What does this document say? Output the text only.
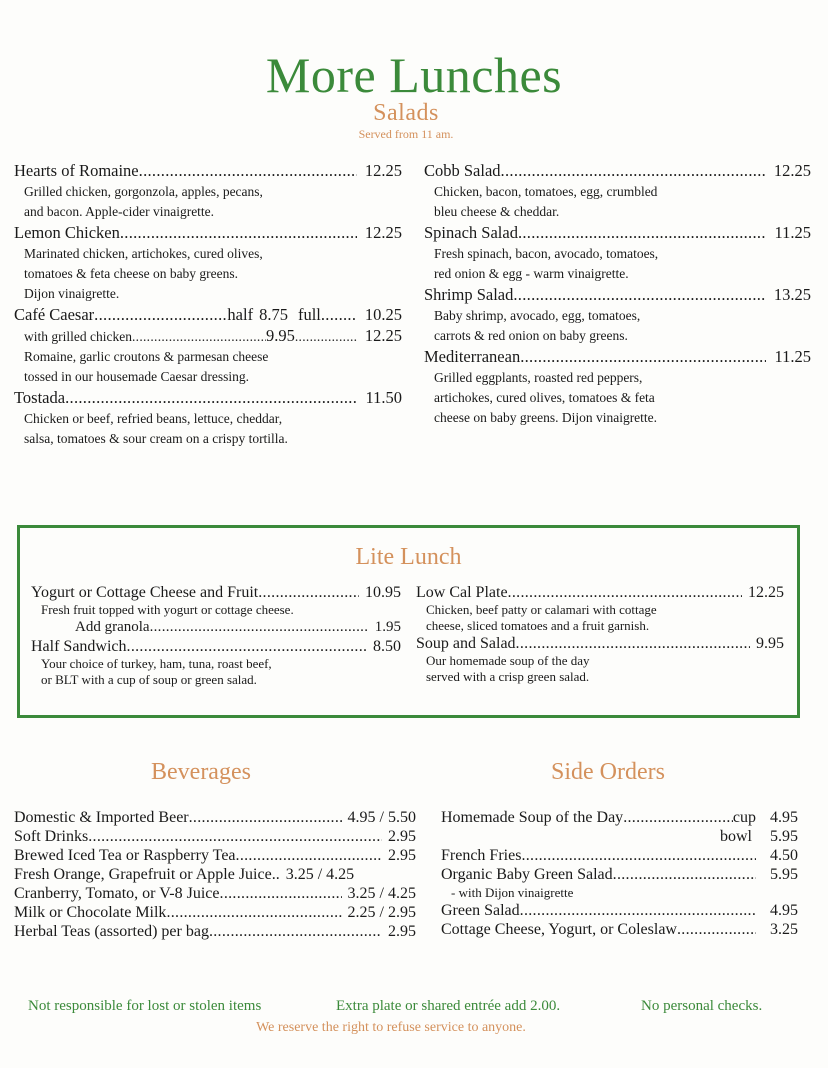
More Lunches
Salads
Served from 11 am.
Hearts of Romaine .....	12.25
Grilled chicken, gorgonzola, apples, pecans,
and bacon. Apple-cider vinaigrette.
Lemon Chicken .....	12.25
Marinated chicken, artichokes, cured olives,
tomatoes & feta cheese on baby greens.
Dijon vinaigrette.
Café Caesar .....	half 8.75 full .....	10.25
with grilled chicken .....	9.95 .....	12.25
Romaine, garlic croutons & parmesan cheese
tossed in our housemade Caesar dressing.
Tostada .....	11.50
Chicken or beef, refried beans, lettuce, cheddar,
salsa, tomatoes & sour cream on a crispy tortilla.
Cobb Salad .....	12.25
Chicken, bacon, tomatoes, egg, crumbled
bleu cheese & cheddar.
Spinach Salad .....	11.25
Fresh spinach, bacon, avocado, tomatoes,
red onion & egg - warm vinaigrette.
Shrimp Salad .....	13.25
Baby shrimp, avocado, egg, tomatoes,
carrots & red onion on baby greens.
Mediterranean .....	11.25
Grilled eggplants, roasted red peppers,
artichokes, cured olives, tomatoes & feta
cheese on baby greens. Dijon vinaigrette.
Lite Lunch
Yogurt or Cottage Cheese and Fruit .....	10.95
Fresh fruit topped with yogurt or cottage cheese.
Add granola .....	1.95
Half Sandwich .....	8.50
Your choice of turkey, ham, tuna, roast beef,
or BLT with a cup of soup or green salad.
Low Cal Plate .....	12.25
Chicken, beef patty or calamari with cottage
cheese, sliced tomatoes and a fruit garnish.
Soup and Salad .....	9.95
Our homemade soup of the day
served with a crisp green salad.
Beverages	Side Orders
Domestic & Imported Beer .....	4.95 / 5.50
Soft Drinks .....	2.95
Brewed Iced Tea or Raspberry Tea .....	2.95
Fresh Orange, Grapefruit or Apple Juice.. 3.25 / 4.25
Cranberry, Tomato, or V-8 Juice .....	3.25 / 4.25
Milk or Chocolate Milk .....	2.25 / 2.95
Herbal Teas (assorted) per bag .....	2.95
Homemade Soup of the Day .....	cup 4.95
bowl 5.95
French Fries .....	4.50
Organic Baby Green Salad .....	5.95
- with Dijon vinaigrette
Green Salad .....	4.95
Cottage Cheese, Yogurt, or Coleslaw .....	3.25
Not responsible for lost or stolen items	Extra plate or shared entrée add 2.00.	No personal checks.
We reserve the right to refuse service to anyone.
